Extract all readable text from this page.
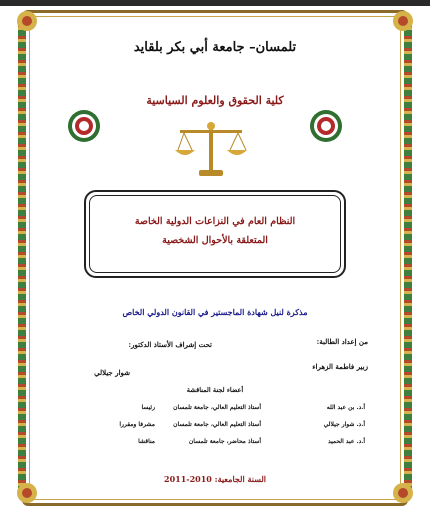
تلمسان– جامعة أبي بكر بلقايد
كلية الحقوق والعلوم السياسية
النظام العام في النزاعات الدولية الخاصة
المتعلقة بالأحوال الشخصية
مذكرة لنيل شهادة الماجستير في القانون الدولي الخاص
من إعداد الطالبة:
تحت إشراف الأستاذ الدكتور:
زبير فاطمة الزهراء
شوار جيلالي
أعضاء لجنة المناقشة
أ.د. بن عبد الله
أستاذ التعليم العالي، جامعة تلمسان
رئيسا
أ.د. شوار جيلالي
أستاذ التعليم العالي، جامعة تلمسان
مشرفا ومقررا
أ.د. عبد الحميد
أستاذ محاضر، جامعة تلمسان
مناقشا
السنة الجامعية: 2010-2011
